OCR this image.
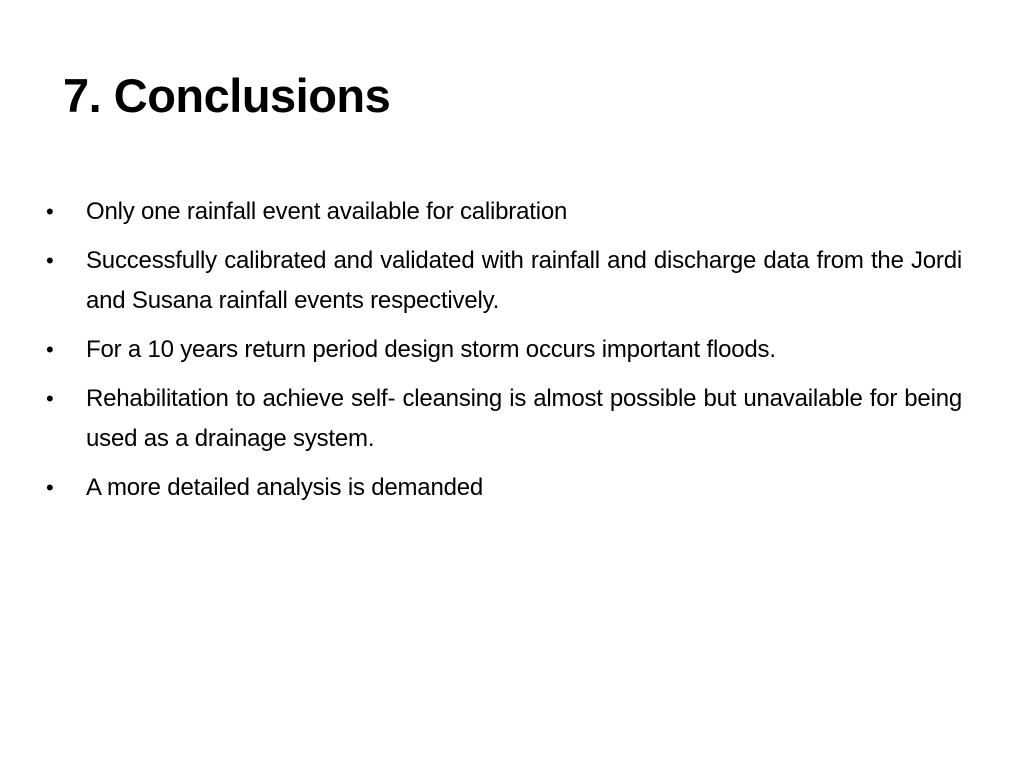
7. Conclusions
•	Only one rainfall event available for calibration
•	Successfully calibrated and validated with rainfall and discharge data from the Jordi and Susana rainfall events respectively.
•	For a 10 years return period design storm occurs important floods.
•	Rehabilitation to achieve self- cleansing is almost possible but unavailable for being used as a drainage system.
•	A more detailed analysis is demanded
